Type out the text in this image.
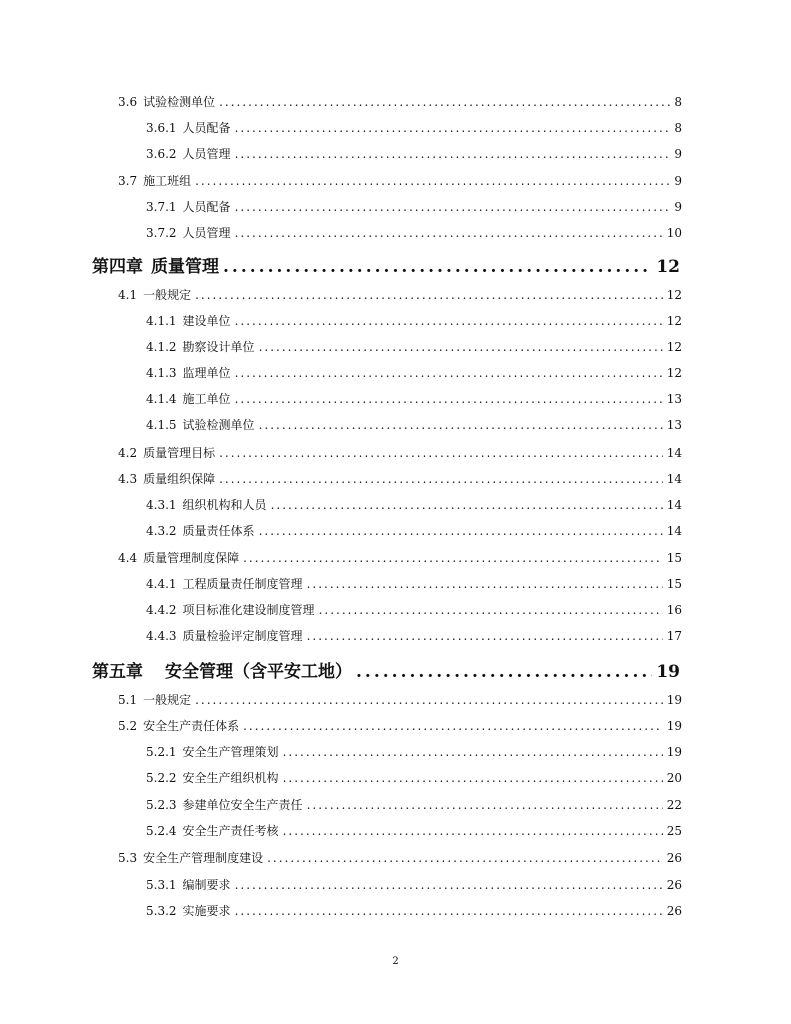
3.6 试验检测单位 .....	8
3.6.1 人员配备 .....	8
3.6.2 人员管理 .....	9
3.7 施工班组 .....	9
3.7.1 人员配备 .....	9
3.7.2 人员管理 .....	10
第四章 质量管理 .....	12
4.1 一般规定 .....	12
4.1.1 建设单位 .....	12
4.1.2 勘察设计单位 .....	12
4.1.3 监理单位 .....	12
4.1.4 施工单位 .....	13
4.1.5 试验检测单位 .....	13
4.2 质量管理目标 .....	14
4.3 质量组织保障 .....	14
4.3.1 组织机构和人员 .....	14
4.3.2 质量责任体系 .....	14
4.4 质量管理制度保障 .....	15
4.4.1 工程质量责任制度管理 .....	15
4.4.2 项目标准化建设制度管理 .....	16
4.4.3 质量检验评定制度管理 .....	17
第五章 安全管理（含平安工地） .....	19
5.1 一般规定 .....	19
5.2 安全生产责任体系 .....	19
5.2.1 安全生产管理策划 .....	19
5.2.2 安全生产组织机构 .....	20
5.2.3 参建单位安全生产责任 .....	22
5.2.4 安全生产责任考核 .....	25
5.3 安全生产管理制度建设 .....	26
5.3.1 编制要求 .....	26
5.3.2 实施要求 .....	26
2
